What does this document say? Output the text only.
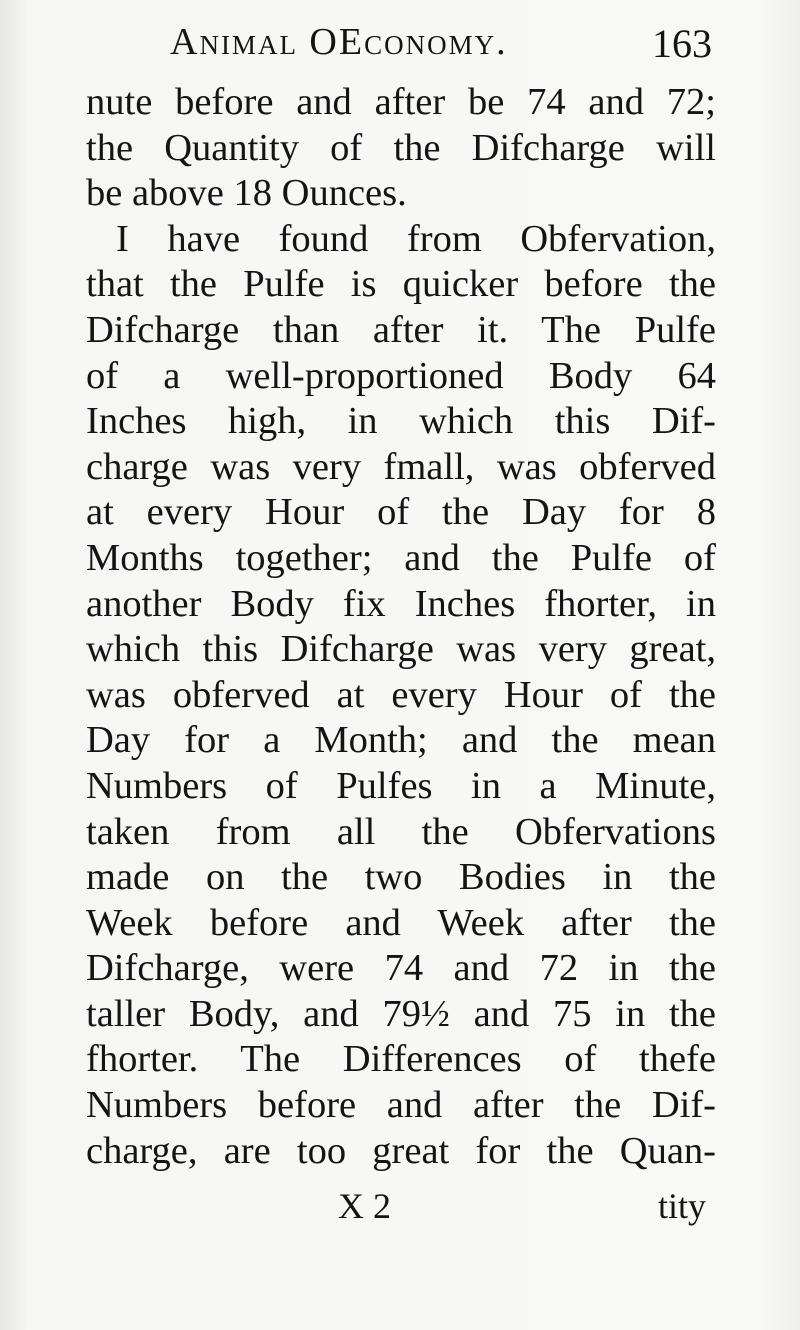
Animal OEconomy.	163
nute before and after be 74 and 72;
the Quantity of the Difcharge will
be above 18 Ounces.
I have found from Obfervation,
that the Pulfe is quicker before the
Difcharge than after it. The Pulfe
of a well-proportioned Body 64
Inches high, in which this Dif-
charge was very fmall, was obferved
at every Hour of the Day for 8
Months together; and the Pulfe of
another Body fix Inches fhorter, in
which this Difcharge was very great,
was obferved at every Hour of the
Day for a Month; and the mean
Numbers of Pulfes in a Minute,
taken from all the Obfervations
made on the two Bodies in the
Week before and Week after the
Difcharge, were 74 and 72 in the
taller Body, and 79½ and 75 in the
fhorter. The Differences of thefe
Numbers before and after the Dif-
charge, are too great for the Quan-
X 2	tity
